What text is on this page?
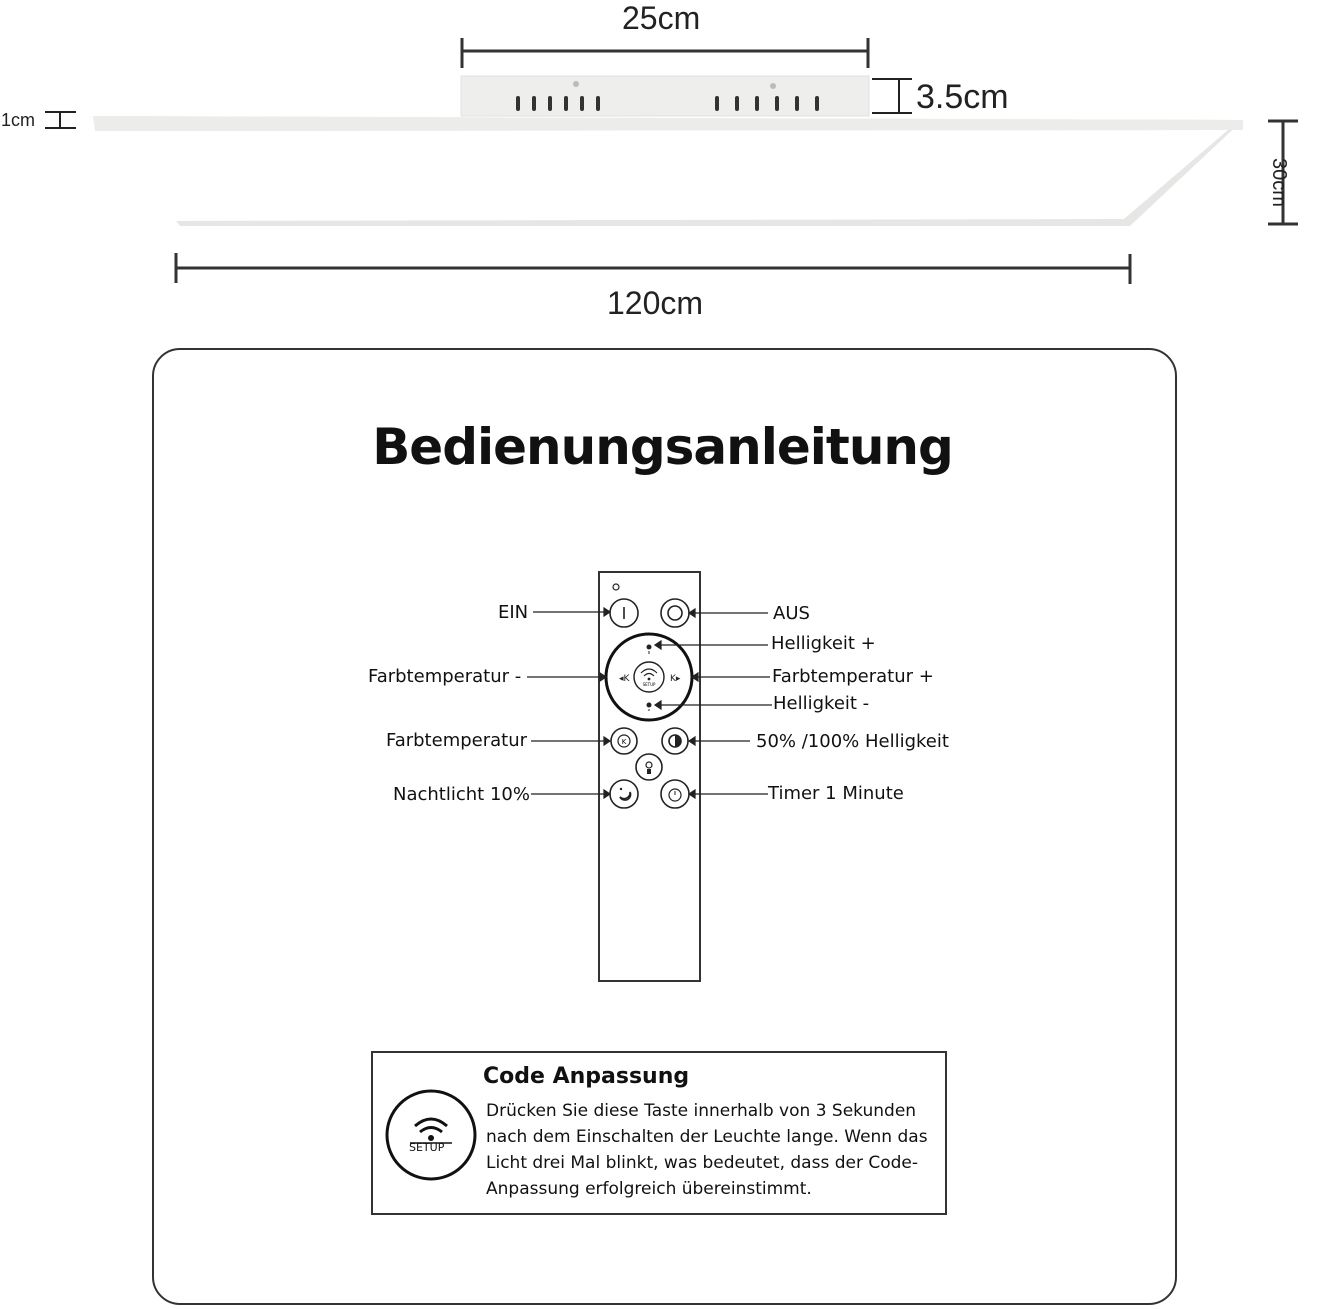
25cm
3.5cm
1cm
120cm
30cm
Bedienungsanleitung
SETUP
◂K	K▸
K
EIN
Farbtemperatur -
Farbtemperatur
Nachtlicht 10%
AUS
Helligkeit +
Farbtemperatur +
Helligkeit -
50% /100% Helligkeit
Timer 1 Minute
SETUP
Code Anpassung
Drücken Sie diese Taste innerhalb von 3 Sekunden
nach dem Einschalten der Leuchte lange. Wenn das
Licht drei Mal blinkt, was bedeutet, dass der Code-
Anpassung erfolgreich übereinstimmt.
